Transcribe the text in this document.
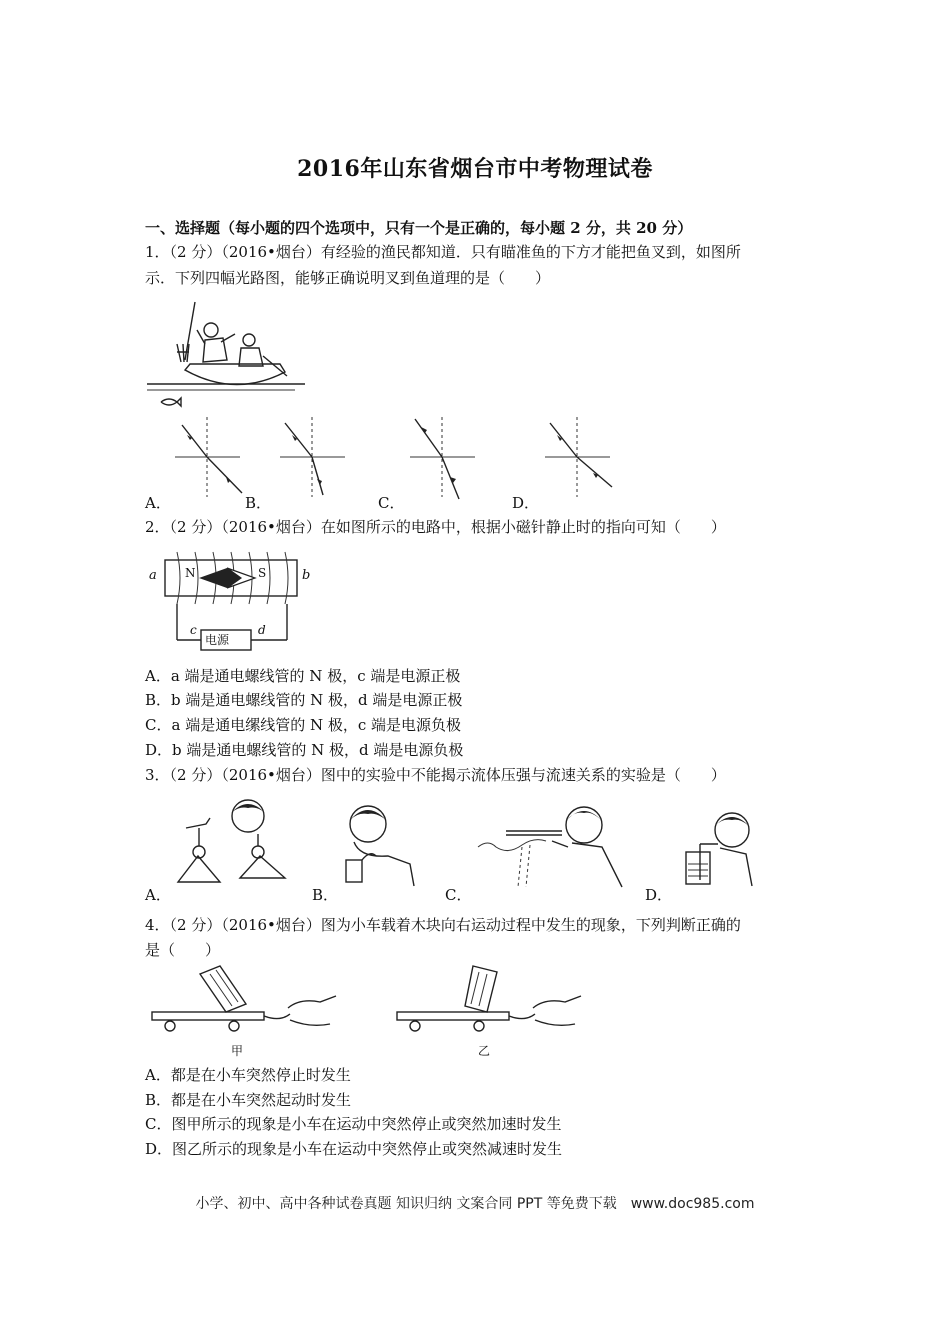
2016年山东省烟台市中考物理试卷
一、选择题（每小题的四个选项中，只有一个是正确的，每小题 2 分，共 20 分）
1．（2 分）（2016•烟台）有经验的渔民都知道．只有瞄准鱼的下方才能把鱼叉到，如图所
示．下列四幅光路图，能够正确说明叉到鱼道理的是（　　）
A．	B．	C．	D．
2．（2 分）（2016•烟台）在如图所示的电路中，根据小磁针静止时的指向可知（　　）
a	b
N	S
c	d
电源
A．a 端是通电螺线管的 N 极，c 端是电源正极
B．b 端是通电螺线管的 N 极，d 端是电源正极
C．a 端是通电缧线管的 N 极，c 端是电源负极
D．b 端是通电螺线管的 N 极，d 端是电源负极
3．（2 分）（2016•烟台）图中的实验中不能揭示流体压强与流速关系的实验是（　　）
A．	B．	C．	D．
4．（2 分）（2016•烟台）图为小车载着木块向右运动过程中发生的现象，下列判断正确的
是（　　）
甲	乙
A．都是在小车突然停止时发生
B．都是在小车突然起动时发生
C．图甲所示的现象是小车在运动中突然停止或突然加速时发生
D．图乙所示的现象是小车在运动中突然停止或突然减速时发生
小学、初中、高中各种试卷真题 知识归纳 文案合同 PPT 等免费下载　www.doc985.com
